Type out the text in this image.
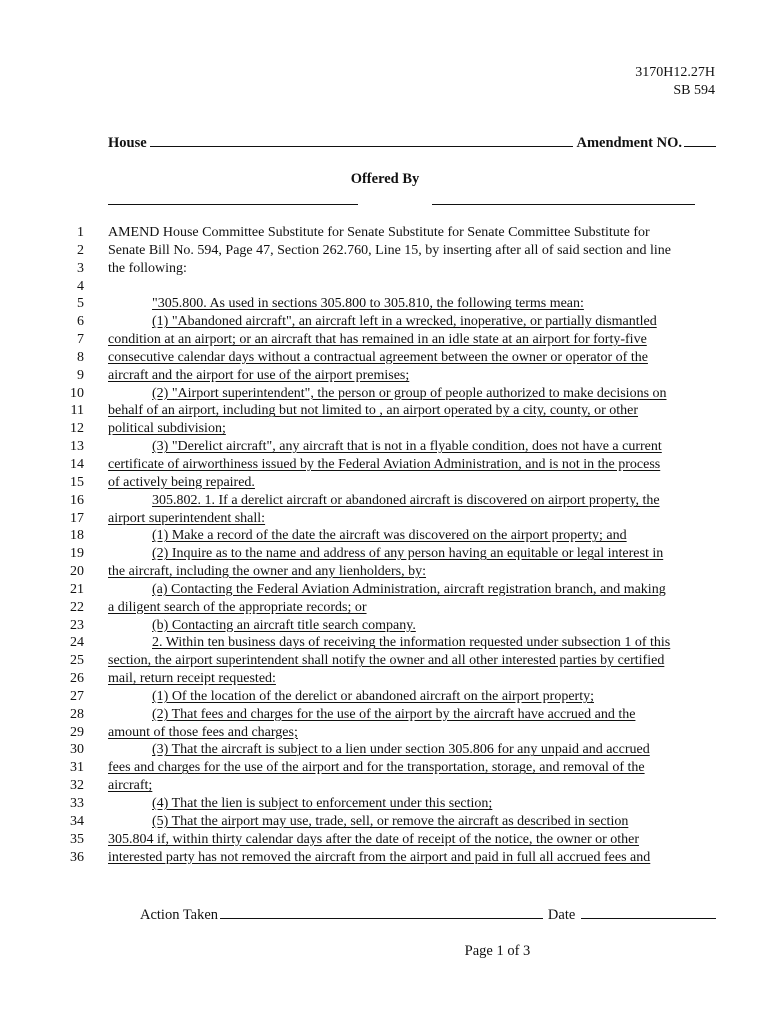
3170H12.27H
SB 594
House	Amendment NO.
Offered By
1 AMEND House Committee Substitute for Senate Substitute for Senate Committee Substitute for
2 Senate Bill No. 594, Page 47, Section 262.760, Line 15, by inserting after all of said section and line
3 the following:
4
5	"305.800. As used in sections 305.800 to 305.810, the following terms mean:
6	(1) "Abandoned aircraft", an aircraft left in a wrecked, inoperative, or partially dismantled
7 condition at an airport; or an aircraft that has remained in an idle state at an airport for forty-five
8 consecutive calendar days without a contractual agreement between the owner or operator of the
9 aircraft and the airport for use of the airport premises;
10	(2) "Airport superintendent", the person or group of people authorized to make decisions on
11 behalf of an airport, including but not limited to , an airport operated by a city, county, or other
12 political subdivision;
13	(3) "Derelict aircraft", any aircraft that is not in a flyable condition, does not have a current
14 certificate of airworthiness issued by the Federal Aviation Administration, and is not in the process
15 of actively being repaired.
16	305.802. 1. If a derelict aircraft or abandoned aircraft is discovered on airport property, the
17 airport superintendent shall:
18	(1) Make a record of the date the aircraft was discovered on the airport property; and
19	(2) Inquire as to the name and address of any person having an equitable or legal interest in
20 the aircraft, including the owner and any lienholders, by:
21	(a) Contacting the Federal Aviation Administration, aircraft registration branch, and making
22 a diligent search of the appropriate records; or
23	(b) Contacting an aircraft title search company.
24	2. Within ten business days of receiving the information requested under subsection 1 of this
25 section, the airport superintendent shall notify the owner and all other interested parties by certified
26 mail, return receipt requested:
27	(1) Of the location of the derelict or abandoned aircraft on the airport property;
28	(2) That fees and charges for the use of the airport by the aircraft have accrued and the
29 amount of those fees and charges;
30	(3) That the aircraft is subject to a lien under section 305.806 for any unpaid and accrued
31 fees and charges for the use of the airport and for the transportation, storage, and removal of the
32 aircraft;
33	(4) That the lien is subject to enforcement under this section;
34	(5) That the airport may use, trade, sell, or remove the aircraft as described in section
35 305.804 if, within thirty calendar days after the date of receipt of the notice, the owner or other
36 interested party has not removed the aircraft from the airport and paid in full all accrued fees and
Action Taken	Date
Page 1 of 3
